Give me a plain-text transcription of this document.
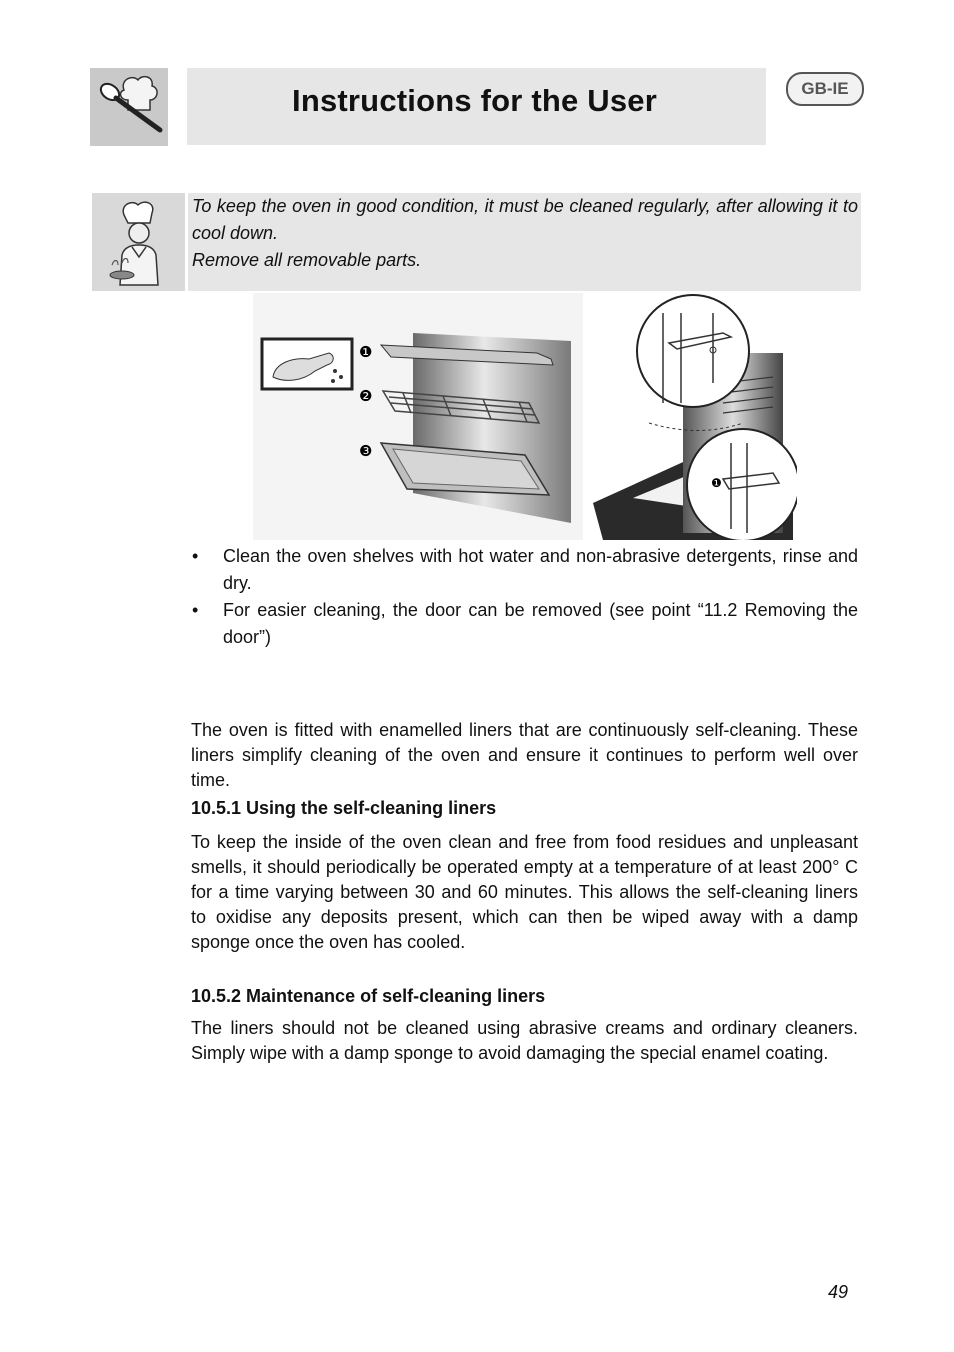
Instructions for the User	GB-IE

To keep the oven in good condition, it must be cleaned regularly, after allowing it to cool down.

Remove all removable parts.

❶
❷
❸
❶
• Clean the oven shelves with hot water and non-abrasive detergents, rinse and dry.
• For easier cleaning, the door can be removed (see point “11.2 Removing the door”)

The oven is fitted with enamelled liners that are continuously self-cleaning. These liners simplify cleaning of the oven and ensure it continues to perform well over time.

10.5.1 Using the self-cleaning liners

To keep the inside of the oven clean and free from food residues and unpleasant smells, it should periodically be operated empty at a temperature of at least 200° C for a time varying between 30 and 60 minutes. This allows the self-cleaning liners to oxidise any deposits present, which can then be wiped away with a damp sponge once the oven has cooled.

10.5.2 Maintenance of self-cleaning liners

The liners should not be cleaned using abrasive creams and ordinary cleaners. Simply wipe with a damp sponge to avoid damaging the special enamel coating.

49
